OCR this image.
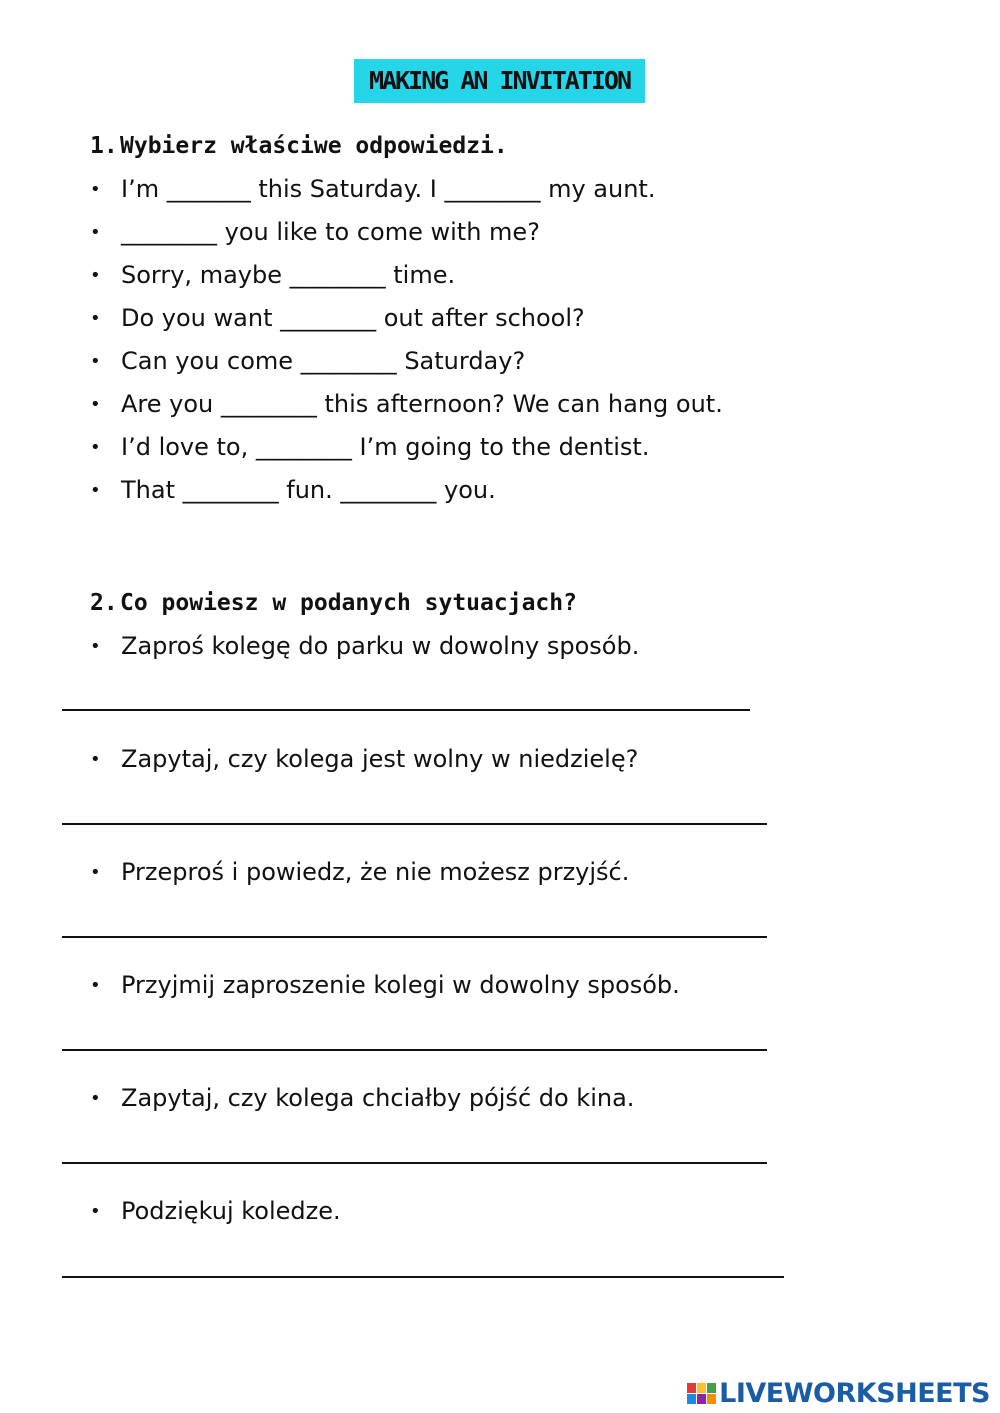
MAKING AN INVITATION
1.Wybierz właściwe odpowiedzi.
• I’m _______ this Saturday. I ________ my aunt.
• ________ you like to come with me?
• Sorry, maybe ________ time.
• Do you want ________ out after school?
• Can you come ________ Saturday?
• Are you ________ this afternoon? We can hang out.
• I’d love to, ________ I’m going to the dentist.
• That ________ fun. ________ you.
2.Co powiesz w podanych sytuacjach?
• Zaproś kolegę do parku w dowolny sposób.
• Zapytaj, czy kolega jest wolny w niedzielę?
• Przeproś i powiedz, że nie możesz przyjść.
• Przyjmij zaproszenie kolegi w dowolny sposób.
• Zapytaj, czy kolega chciałby pójść do kina.
• Podziękuj koledze.
LIVEWORKSHEETS
